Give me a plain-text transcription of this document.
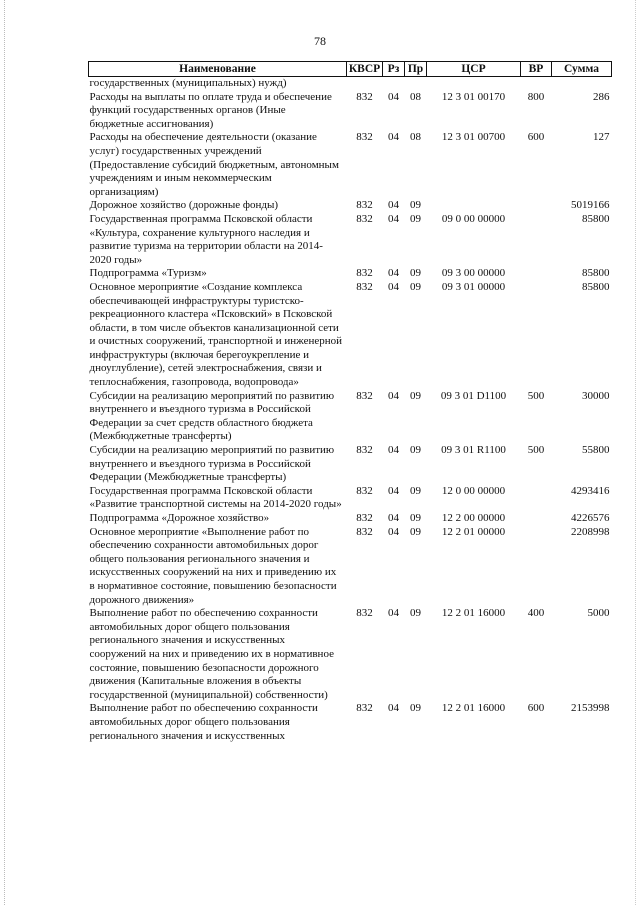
78
Наименование	КВСР	Рз	Пр	ЦСР	ВР	Сумма
государственных (муниципальных) нужд)						
Расходы на выплаты по оплате труда и обеспечение функций государственных органов (Иные бюджетные ассигнования)	832	04	08	12 3 01 00170	800	286
Расходы на обеспечение деятельности (оказание услуг) государственных учреждений (Предоставление субсидий бюджетным, автономным учреждениям и иным некоммерческим организациям)	832	04	08	12 3 01 00700	600	127
Дорожное хозяйство (дорожные фонды)	832	04	09			5019166
Государственная программа Псковской области «Культура, сохранение культурного наследия и развитие туризма на территории области на 2014-2020 годы»	832	04	09	09 0 00 00000		85800
Подпрограмма «Туризм»	832	04	09	09 3 00 00000		85800
Основное мероприятие «Создание комплекса обеспечивающей инфраструктуры туристско-рекреационного кластера «Псковский» в Псковской области, в том числе объектов канализационной сети и очистных сооружений, транспортной и инженерной инфраструктуры (включая берегоукрепление и дноуглубление), сетей электроснабжения, связи и теплоснабжения, газопровода, водопровода»	832	04	09	09 3 01 00000		85800
Субсидии на реализацию мероприятий по развитию внутреннего и въездного туризма в Российской Федерации за счет средств областного бюджета (Межбюджетные трансферты)	832	04	09	09 3 01 D1100	500	30000
Субсидии на реализацию мероприятий по развитию внутреннего и въездного туризма в Российской Федерации (Межбюджетные трансферты)	832	04	09	09 3 01 R1100	500	55800
Государственная программа Псковской области «Развитие транспортной системы на 2014-2020 годы»	832	04	09	12 0 00 00000		4293416
Подпрограмма «Дорожное хозяйство»	832	04	09	12 2 00 00000		4226576
Основное мероприятие «Выполнение работ по обеспечению сохранности автомобильных дорог общего пользования регионального значения и искусственных сооружений на них и приведению их в нормативное состояние, повышению безопасности дорожного движения»	832	04	09	12 2 01 00000		2208998
Выполнение работ по обеспечению сохранности автомобильных дорог общего пользования регионального значения и искусственных сооружений на них и приведению их в нормативное состояние, повышению безопасности дорожного движения (Капитальные вложения в объекты государственной (муниципальной) собственности)	832	04	09	12 2 01 16000	400	5000
Выполнение работ по обеспечению сохранности автомобильных дорог общего пользования регионального значения и искусственных	832	04	09	12 2 01 16000	600	2153998
